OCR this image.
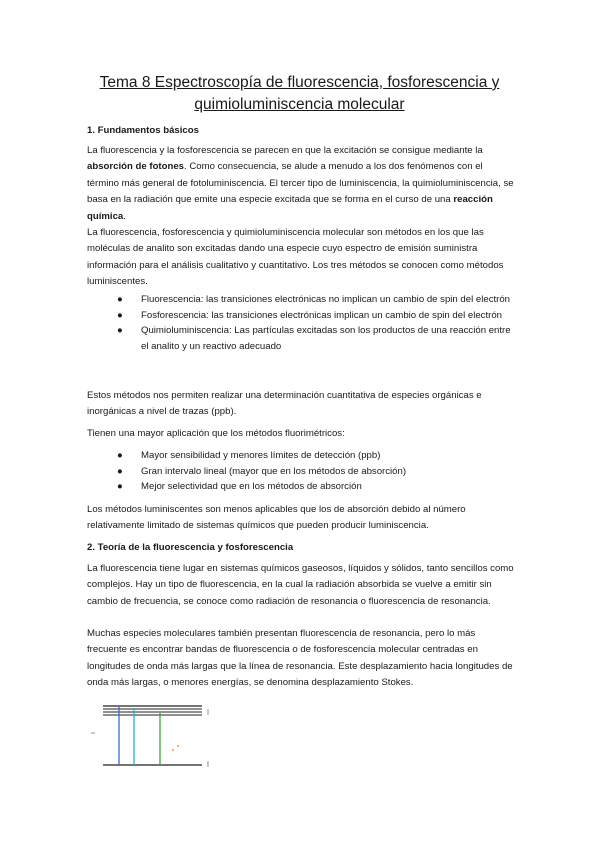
Tema 8 Espectroscopía de fluorescencia, fosforescencia y
quimioluminiscencia molecular
1. Fundamentos básicos

La fluorescencia y la fosforescencia se parecen en que la excitación se consigue mediante la absorción de fotones. Como consecuencia, se alude a menudo a los dos fenómenos con el término más general de fotoluminiscencia. El tercer tipo de luminiscencia, la quimioluminiscencia, se basa en la radiación que emite una especie excitada que se forma en el curso de una reacción química.

La fluorescencia, fosforescencia y quimioluminiscencia molecular son métodos en los que las moléculas de analito son excitadas dando una especie cuyo espectro de emisión suministra información para el análisis cualitativo y cuantitativo. Los tres métodos se conocen como métodos luminiscentes.

● Fluorescencia: las transiciones electrónicas no implican un cambio de spin del electrón
● Fosforescencia: las transiciones electrónicas implican un cambio de spin del electrón
● Quimioluminiscencia: Las partículas excitadas son los productos de una reacción entre el analito y un reactivo adecuado

Estos métodos nos permiten realizar una determinación cuantitativa de especies orgánicas e inorgánicas a nivel de trazas (ppb).

Tienen una mayor aplicación que los métodos fluorimétricos:

● Mayor sensibilidad y menores límites de detección (ppb)
● Gran intervalo lineal (mayor que en los métodos de absorción)
● Mejor selectividad que en los métodos de absorción

Los métodos luminiscentes son menos aplicables que los de absorción debido al número relativamente limitado de sistemas químicos que pueden producir luminiscencia.

2. Teoría de la fluorescencia y fosforescencia

La fluorescencia tiene lugar en sistemas químicos gaseosos, líquidos y sólidos, tanto sencillos como complejos. Hay un tipo de fluorescencia, en la cual la radiación absorbida se vuelve a emitir sin cambio de frecuencia, se conoce como radiación de resonancia o fluorescencia de resonancia.

Muchas especies moleculares también presentan fluorescencia de resonancia, pero lo más frecuente es encontrar bandas de fluorescencia o de fosforescencia molecular centradas en longitudes de onda más largas que la línea de resonancia. Este desplazamiento hacia longitudes de onda más largas, o menores energías, se denomina desplazamiento Stokes.
